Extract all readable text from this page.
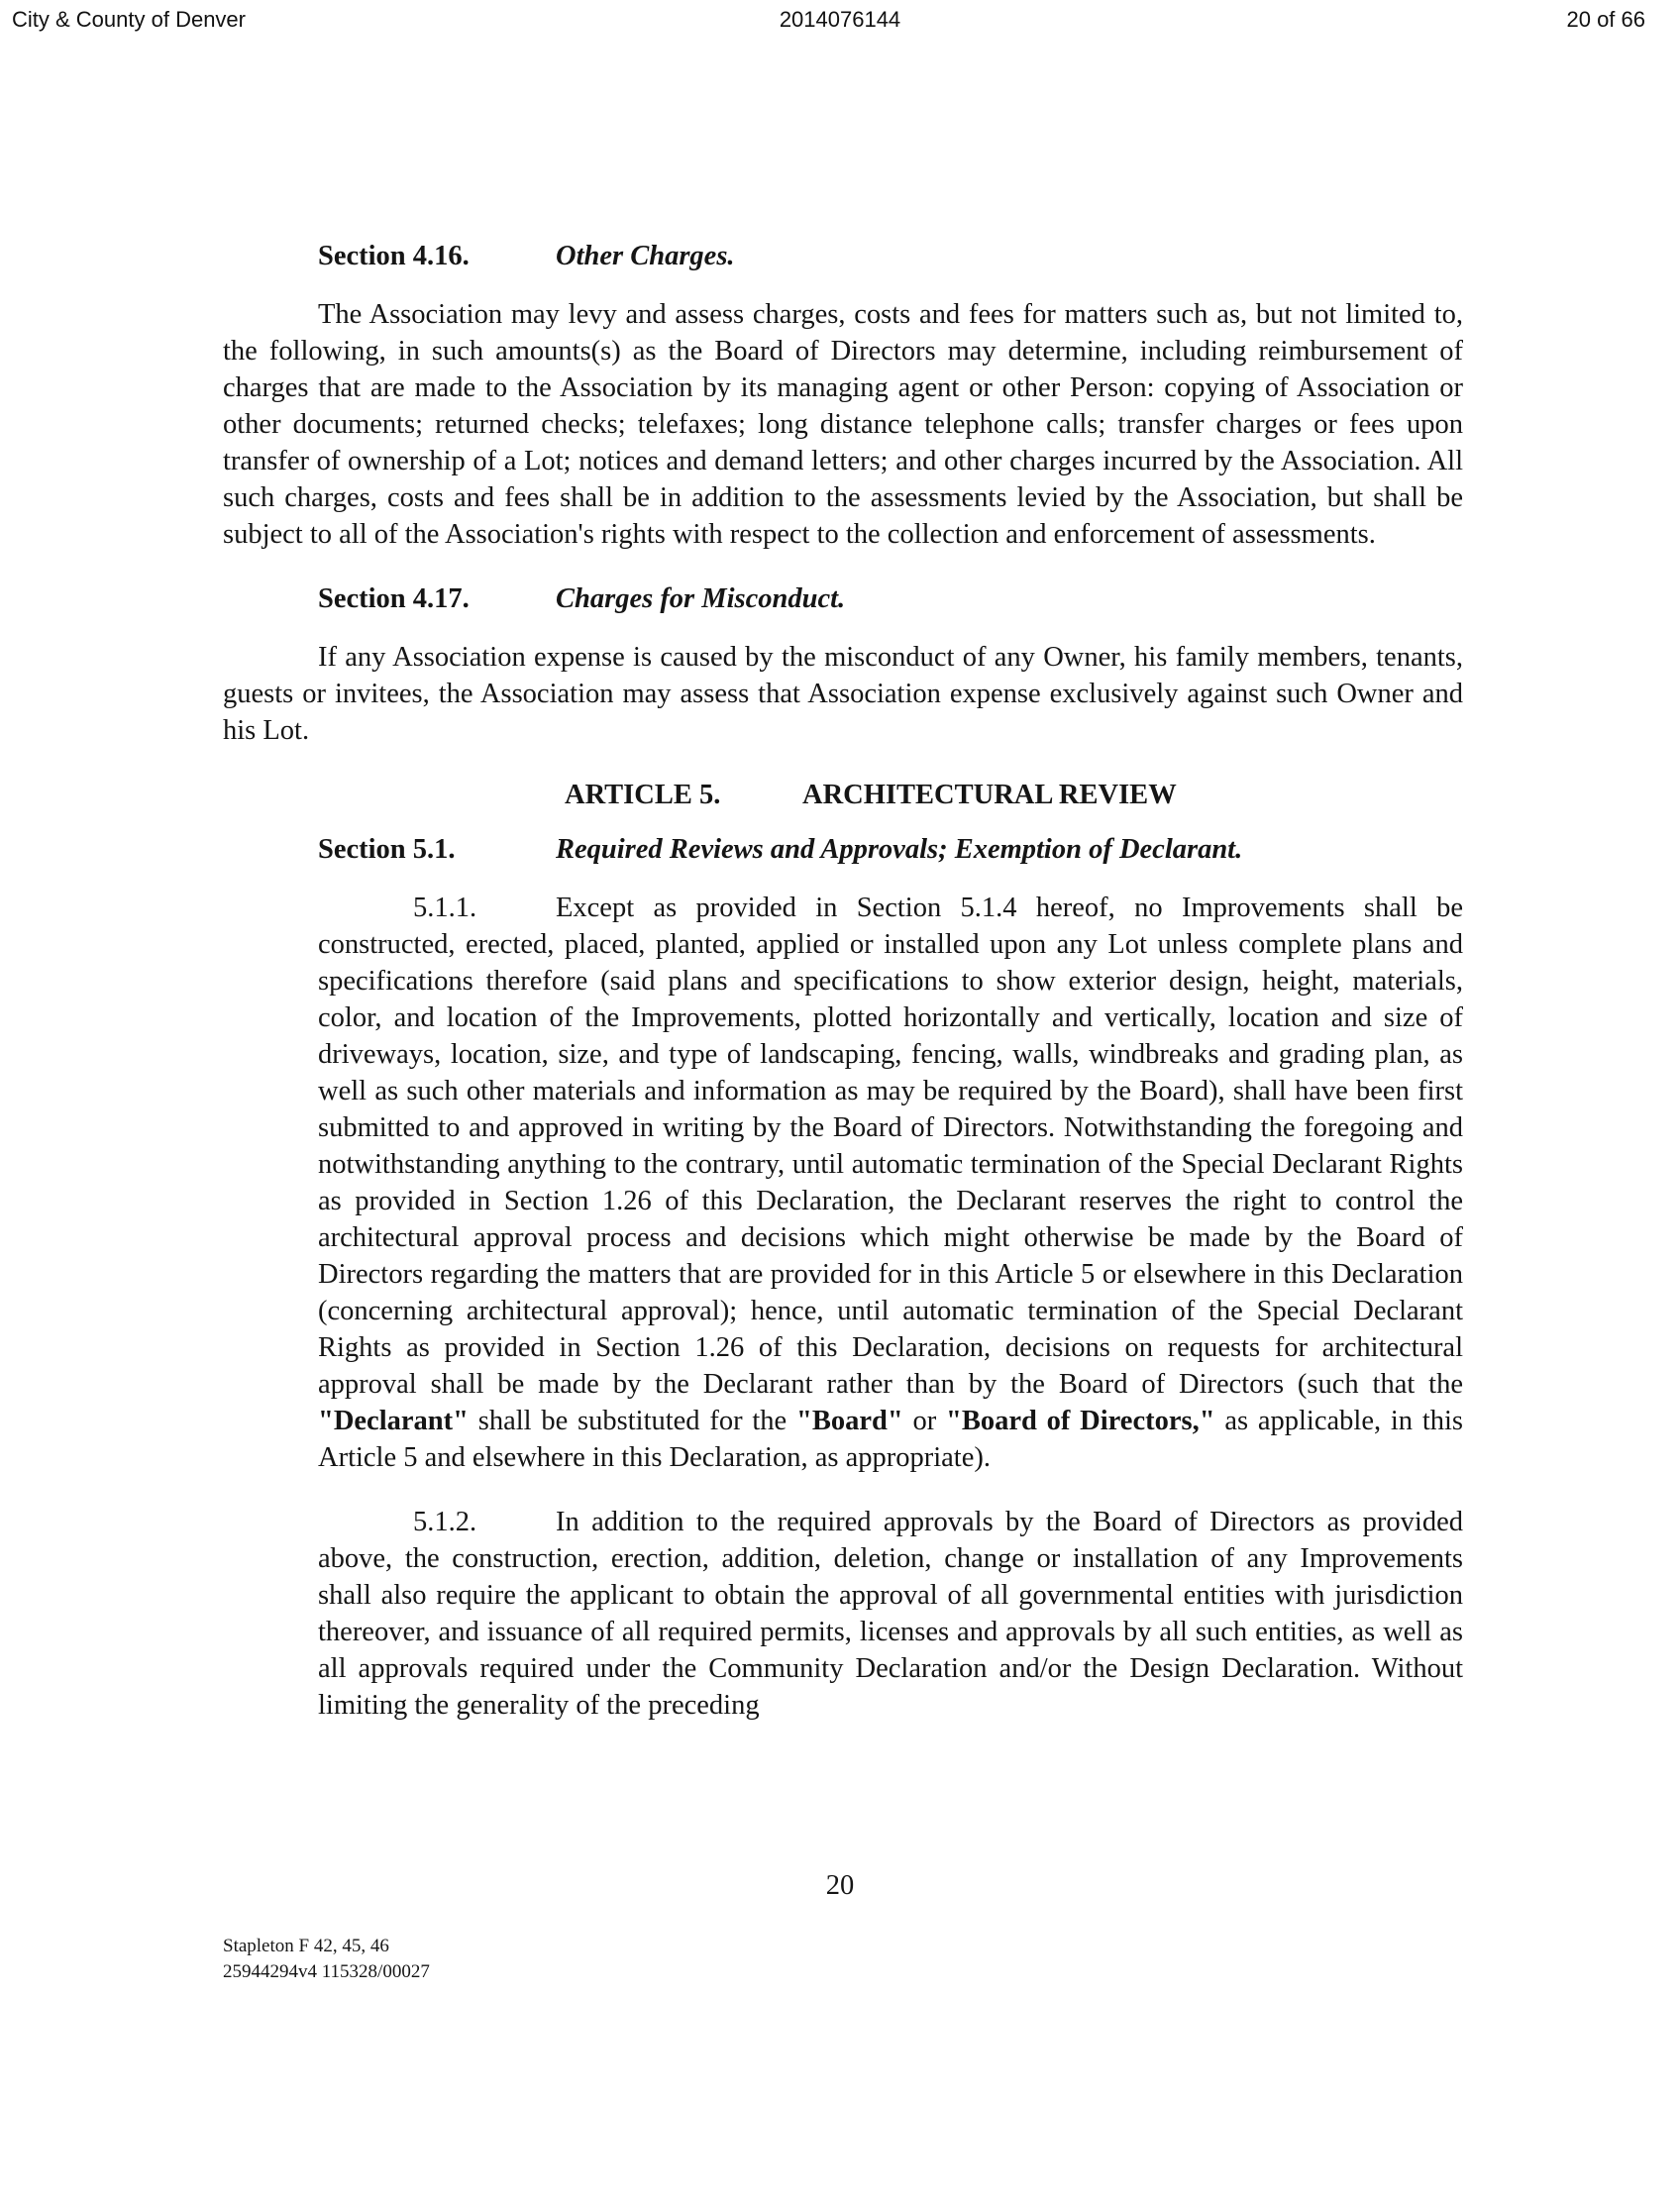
City & County of Denver	2014076144	20 of 66
Section 4.16.	Other Charges.

The Association may levy and assess charges, costs and fees for matters such as, but not limited to, the following, in such amounts(s) as the Board of Directors may determine, including reimbursement of charges that are made to the Association by its managing agent or other Person: copying of Association or other documents; returned checks; telefaxes; long distance telephone calls; transfer charges or fees upon transfer of ownership of a Lot; notices and demand letters; and other charges incurred by the Association. All such charges, costs and fees shall be in addition to the assessments levied by the Association, but shall be subject to all of the Association's rights with respect to the collection and enforcement of assessments.

Section 4.17.	Charges for Misconduct.

If any Association expense is caused by the misconduct of any Owner, his family members, tenants, guests or invitees, the Association may assess that Association expense exclusively against such Owner and his Lot.

ARTICLE 5.	ARCHITECTURAL REVIEW
Section 5.1.	Required Reviews and Approvals; Exemption of Declarant.

5.1.1.	Except as provided in Section 5.1.4 hereof, no Improvements shall be constructed, erected, placed, planted, applied or installed upon any Lot unless complete plans and specifications therefore (said plans and specifications to show exterior design, height, materials, color, and location of the Improvements, plotted horizontally and vertically, location and size of driveways, location, size, and type of landscaping, fencing, walls, windbreaks and grading plan, as well as such other materials and information as may be required by the Board), shall have been first submitted to and approved in writing by the Board of Directors. Notwithstanding the foregoing and notwithstanding anything to the contrary, until automatic termination of the Special Declarant Rights as provided in Section 1.26 of this Declaration, the Declarant reserves the right to control the architectural approval process and decisions which might otherwise be made by the Board of Directors regarding the matters that are provided for in this Article 5 or elsewhere in this Declaration (concerning architectural approval); hence, until automatic termination of the Special Declarant Rights as provided in Section 1.26 of this Declaration, decisions on requests for architectural approval shall be made by the Declarant rather than by the Board of Directors (such that the "Declarant" shall be substituted for the "Board" or "Board of Directors," as applicable, in this Article 5 and elsewhere in this Declaration, as appropriate).

5.1.2.	In addition to the required approvals by the Board of Directors as provided above, the construction, erection, addition, deletion, change or installation of any Improvements shall also require the applicant to obtain the approval of all governmental entities with jurisdiction thereover, and issuance of all required permits, licenses and approvals by all such entities, as well as all approvals required under the Community Declaration and/or the Design Declaration. Without limiting the generality of the preceding

20
Stapleton F 42, 45, 46
25944294v4 115328/00027
